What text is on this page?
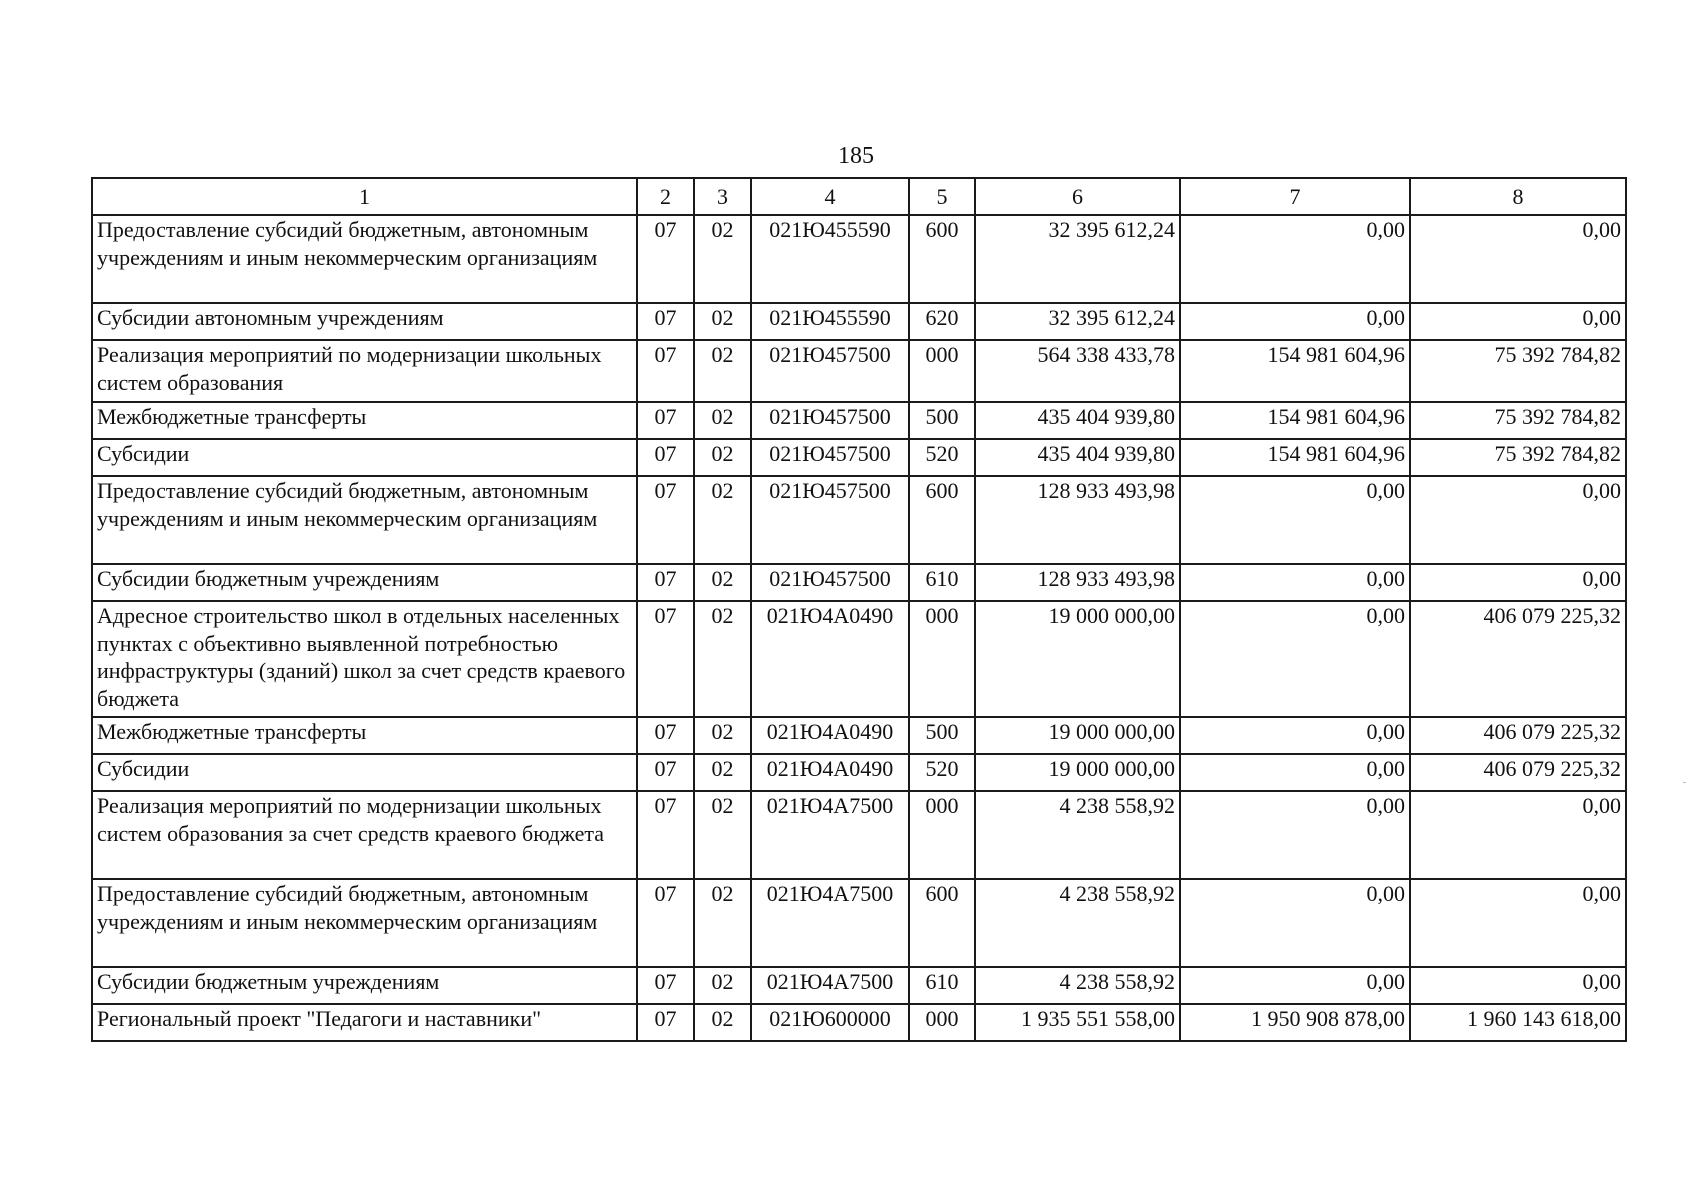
185
1	2	3	4	5	6	7	8
Предоставление субсидий бюджетным, автономным учреждениям и иным некоммерческим организациям	07	02	021Ю455590	600	32 395 612,24	0,00	0,00
Субсидии автономным учреждениям	07	02	021Ю455590	620	32 395 612,24	0,00	0,00
Реализация мероприятий по модернизации школьных систем образования	07	02	021Ю457500	000	564 338 433,78	154 981 604,96	75 392 784,82
Межбюджетные трансферты	07	02	021Ю457500	500	435 404 939,80	154 981 604,96	75 392 784,82
Субсидии	07	02	021Ю457500	520	435 404 939,80	154 981 604,96	75 392 784,82
Предоставление субсидий бюджетным, автономным учреждениям и иным некоммерческим организациям	07	02	021Ю457500	600	128 933 493,98	0,00	0,00
Субсидии бюджетным учреждениям	07	02	021Ю457500	610	128 933 493,98	0,00	0,00
Адресное строительство школ в отдельных населенных пунктах с объективно выявленной потребностью инфраструктуры (зданий) школ за счет средств краевого бюджета	07	02	021Ю4А0490	000	19 000 000,00	0,00	406 079 225,32
Межбюджетные трансферты	07	02	021Ю4А0490	500	19 000 000,00	0,00	406 079 225,32
Субсидии	07	02	021Ю4А0490	520	19 000 000,00	0,00	406 079 225,32
Реализация мероприятий по модернизации школьных систем образования за счет средств краевого бюджета	07	02	021Ю4А7500	000	4 238 558,92	0,00	0,00
Предоставление субсидий бюджетным, автономным учреждениям и иным некоммерческим организациям	07	02	021Ю4А7500	600	4 238 558,92	0,00	0,00
Субсидии бюджетным учреждениям	07	02	021Ю4А7500	610	4 238 558,92	0,00	0,00
Региональный проект "Педагоги и наставники"	07	02	021Ю600000	000	1 935 551 558,00	1 950 908 878,00	1 960 143 618,00
